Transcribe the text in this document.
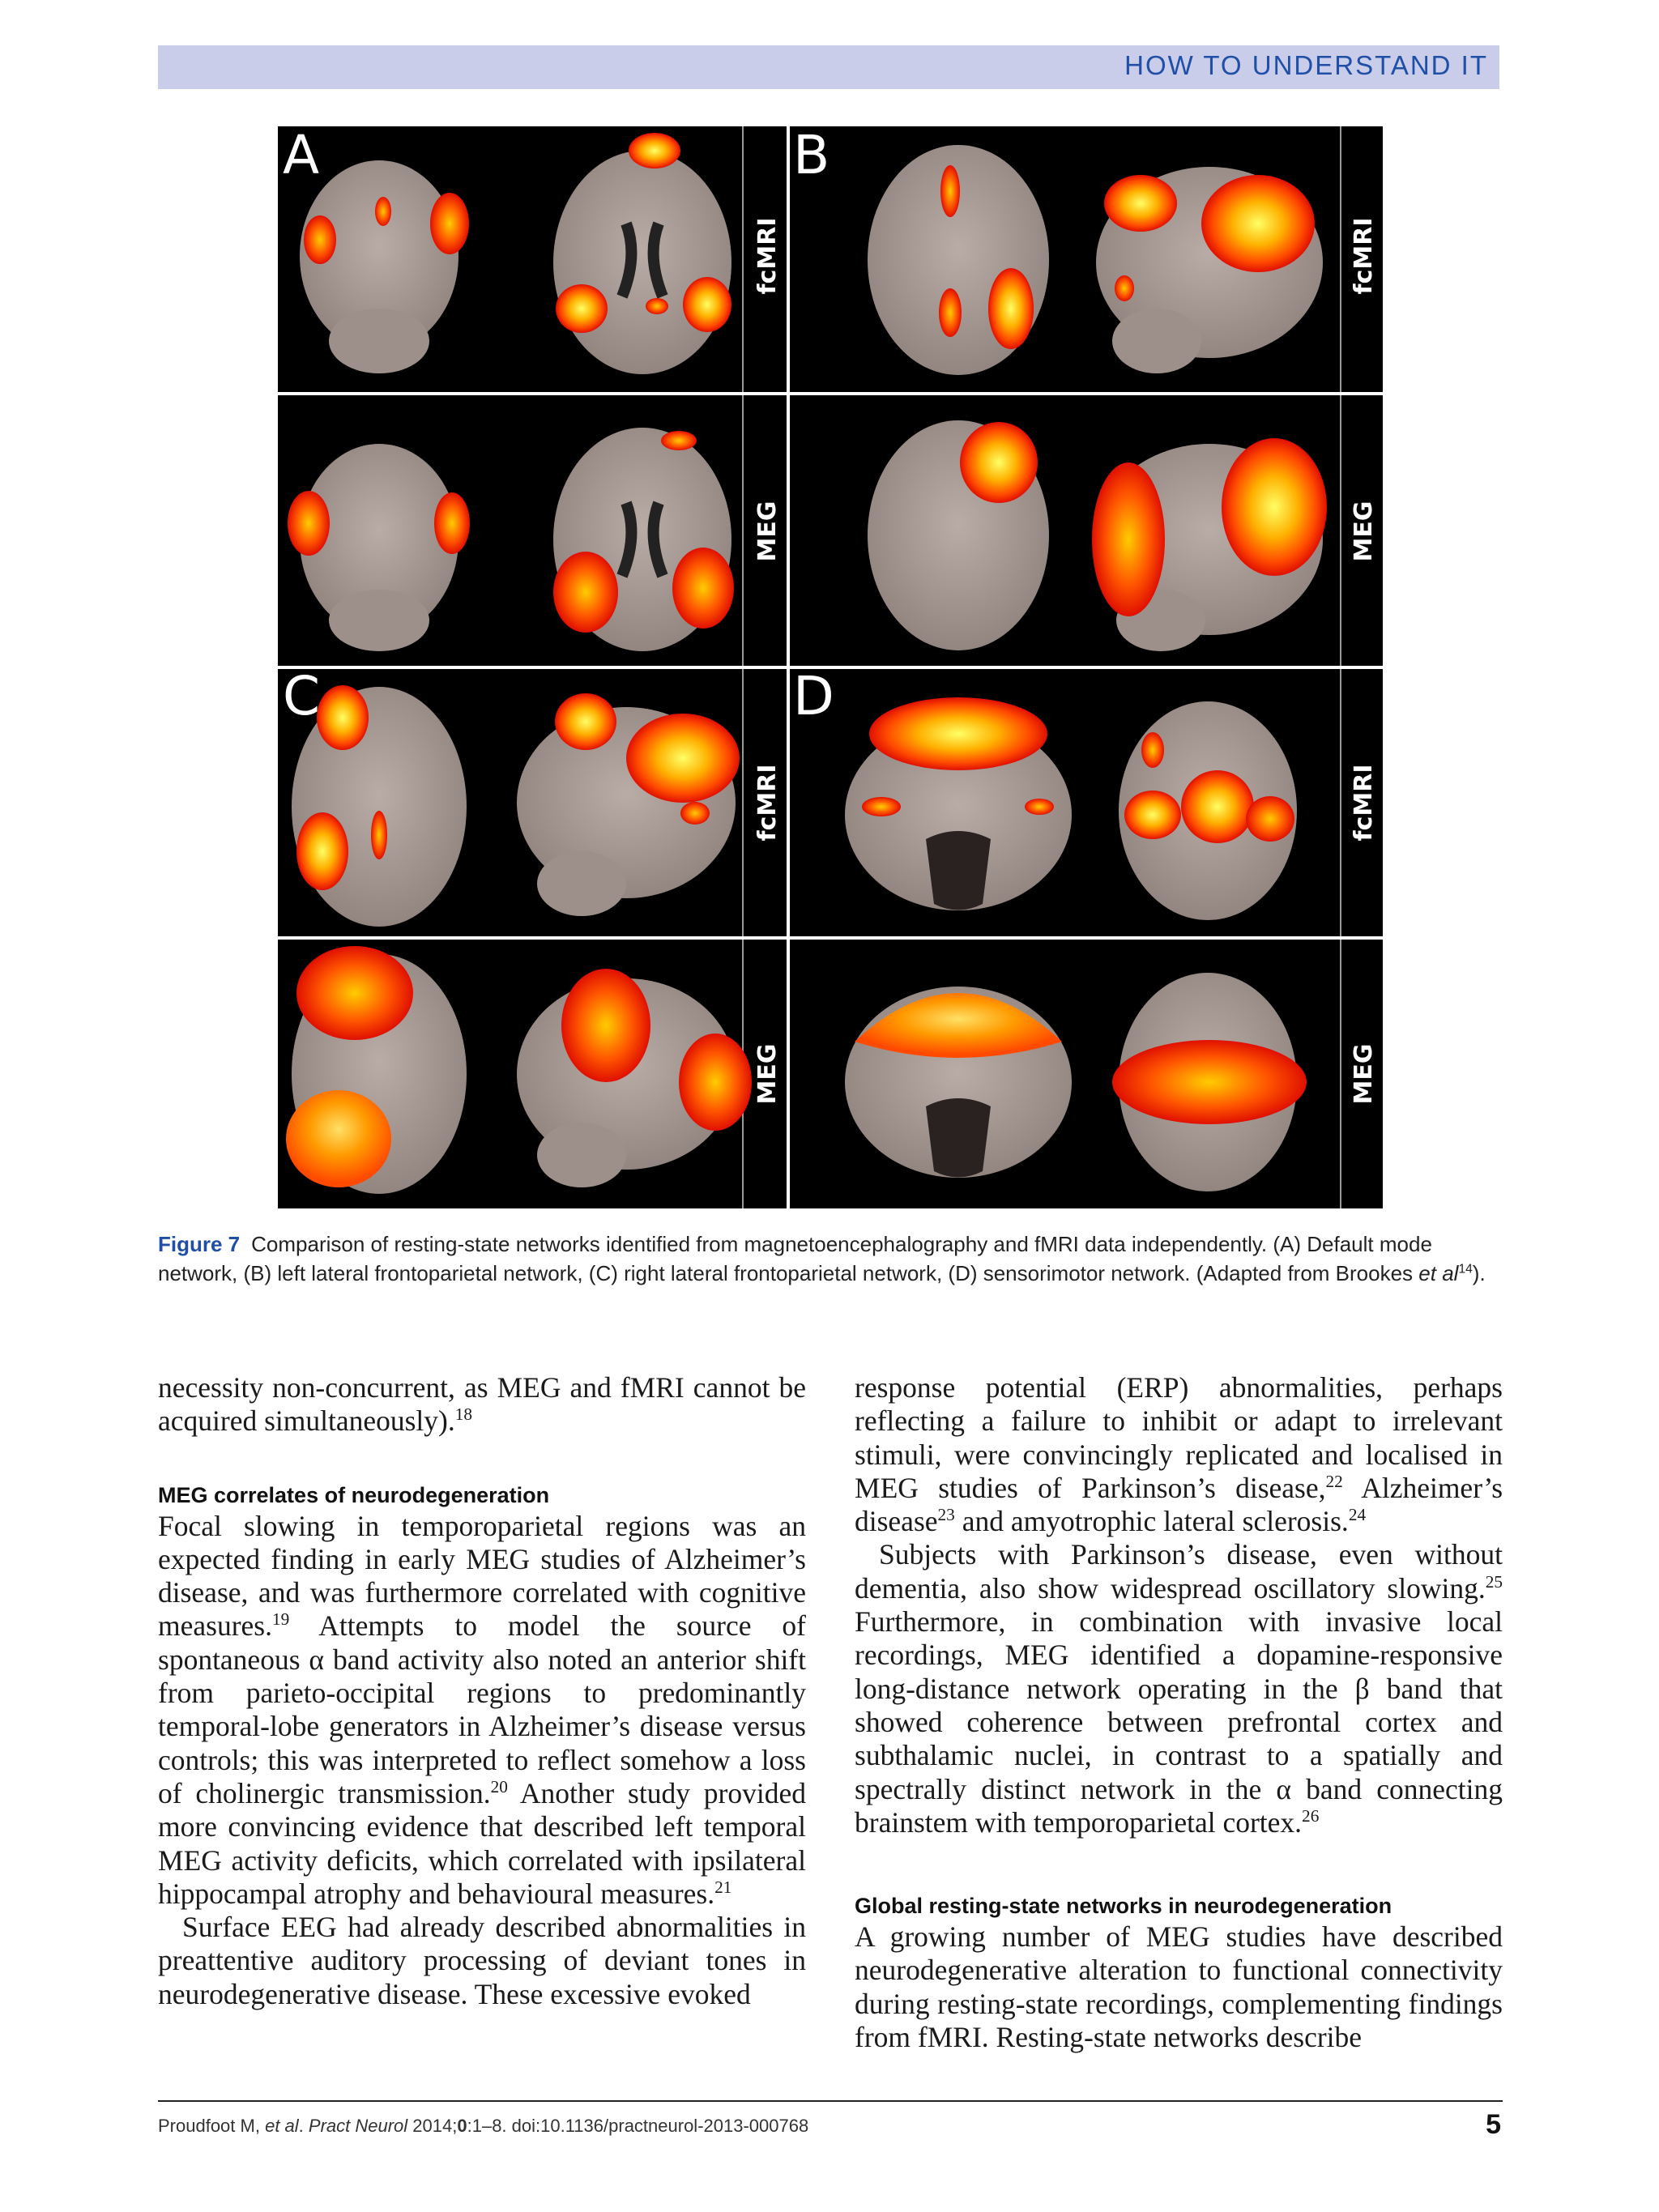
HOW TO UNDERSTAND IT
A	B
C	D
fcMRI
MEG
fcMRI
MEG
fcMRI
MEG
fcMRI
MEG
Figure 7 Comparison of resting-state networks identified from magnetoencephalography and fMRI data independently. (A) Default mode network, (B) left lateral frontoparietal network, (C) right lateral frontoparietal network, (D) sensorimotor network. (Adapted from Brookes et $al^{14}$).

necessity non-concurrent, as MEG and fMRI cannot be acquired simultaneously).$^{18}$

MEG correlates of neurodegeneration

Focal slowing in temporoparietal regions was an expected finding in early MEG studies of Alzheimer’s disease, and was furthermore correlated with cognitive measures.$^{19}$ Attempts to model the source of spontaneous α band activity also noted an anterior shift from parieto-occipital regions to predominantly temporal-lobe generators in Alzheimer’s disease versus controls; this was interpreted to reflect somehow a loss of cholinergic transmission.$^{20}$ Another study provided more convincing evidence that described left temporal MEG activity deficits, which correlated with ipsilateral hippocampal atrophy and behavioural measures.$^{21}$

Surface EEG had already described abnormalities in preattentive auditory processing of deviant tones in neurodegenerative disease. These excessive evoked

response potential (ERP) abnormalities, perhaps reflecting a failure to inhibit or adapt to irrelevant stimuli, were convincingly replicated and localised in MEG studies of Parkinson’s disease,$^{22}$ Alzheimer’s disease$^{23}$ and amyotrophic lateral sclerosis.$^{24}$

Subjects with Parkinson’s disease, even without dementia, also show widespread oscillatory slowing.$^{25}$ Furthermore, in combination with invasive local recordings, MEG identified a dopamine-responsive long-distance network operating in the β band that showed coherence between prefrontal cortex and subthalamic nuclei, in contrast to a spatially and spectrally distinct network in the α band connecting brainstem with temporoparietal cortex.$^{26}$

Global resting-state networks in neurodegeneration

A growing number of MEG studies have described neurodegenerative alteration to functional connectivity during resting-state recordings, complementing findings from fMRI. Resting-state networks describe

Proudfoot M, et al. Pract Neurol 2014;0:1–8. doi:10.1136/practneurol-2013-000768	5
